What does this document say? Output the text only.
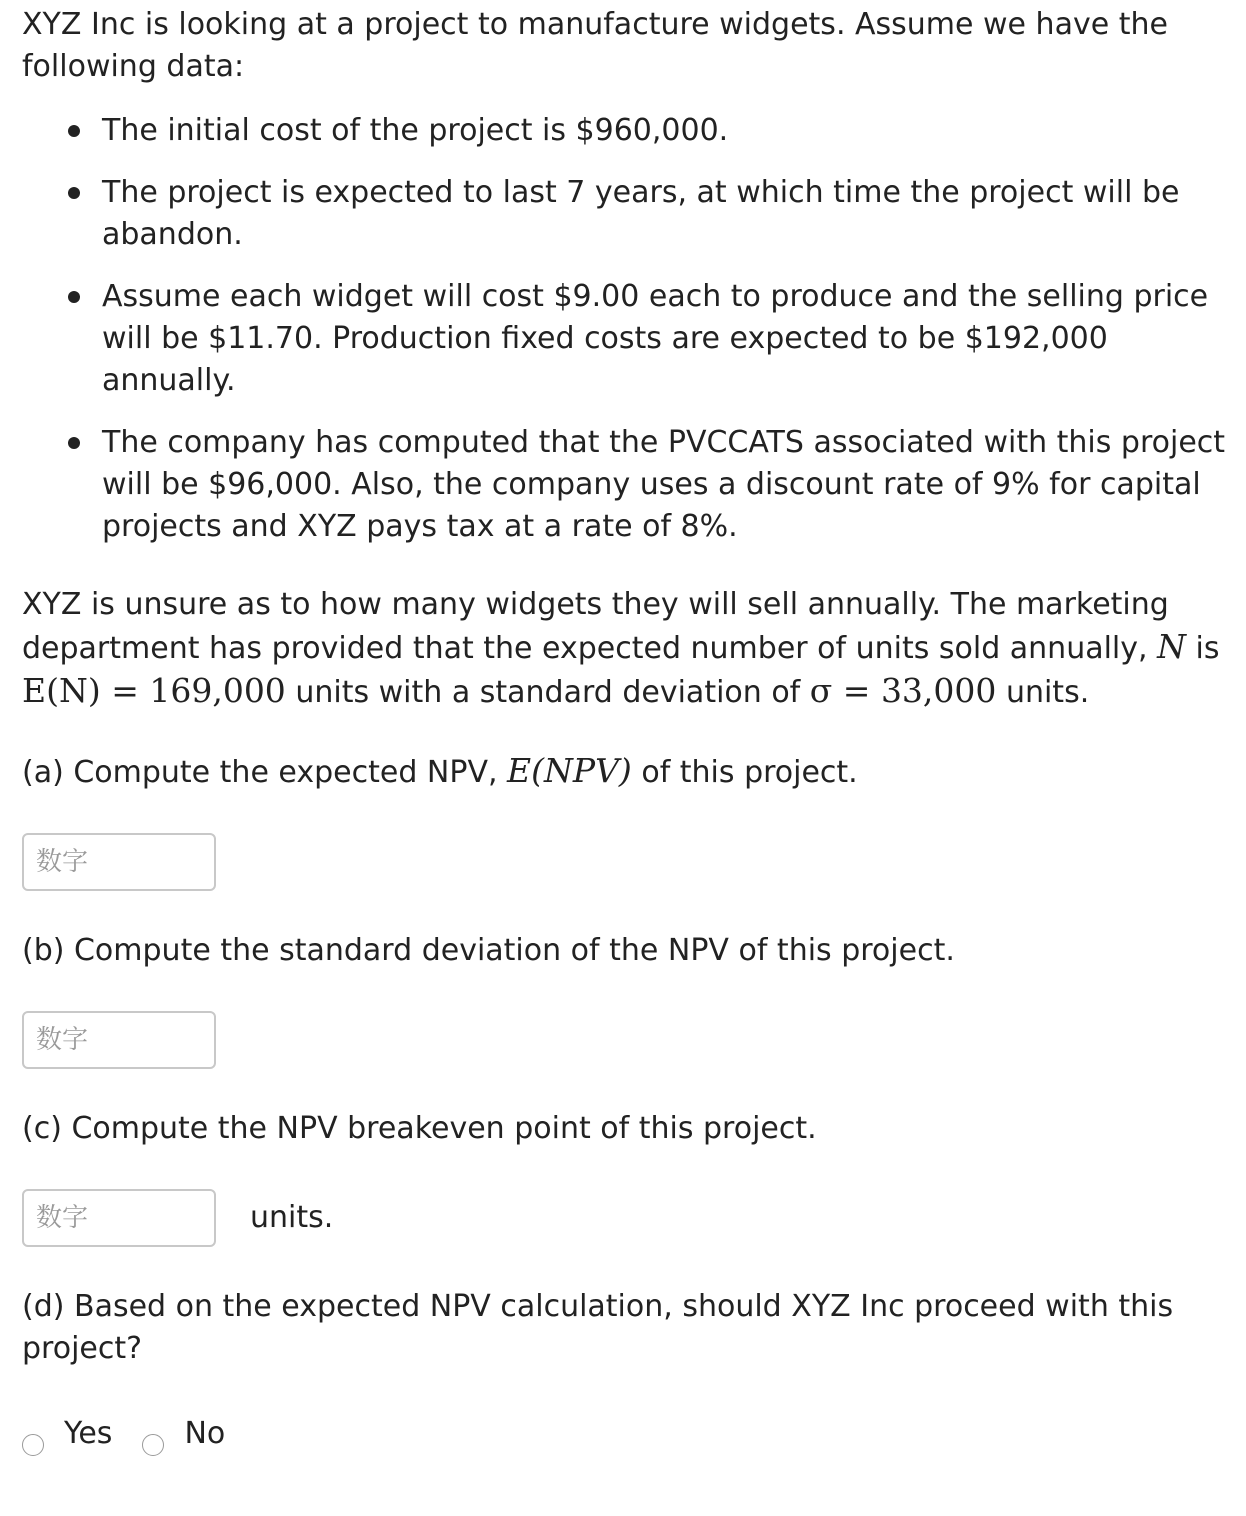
XYZ Inc is looking at a project to manufacture widgets. Assume we have the following data:

The initial cost of the project is $960,000.
The project is expected to last 7 years, at which time the project will be abandon.
Assume each widget will cost $9.00 each to produce and the selling price will be $11.70. Production fixed costs are expected to be $192,000 annually.
The company has computed that the PVCCATS associated with this project will be $96,000. Also, the company uses a discount rate of 9% for capital projects and XYZ pays tax at a rate of 8%.

XYZ is unsure as to how many widgets they will sell annually. The marketing department has provided that the expected number of units sold annually, N is E(N) = 169,000 units with a standard deviation of σ = 33,000 units.

(a) Compute the expected NPV, E(NPV) of this project.

数字

(b) Compute the standard deviation of the NPV of this project.

数字

(c) Compute the NPV breakeven point of this project.

数字
units.

(d) Based on the expected NPV calculation, should XYZ Inc proceed with this project?

Yes No
